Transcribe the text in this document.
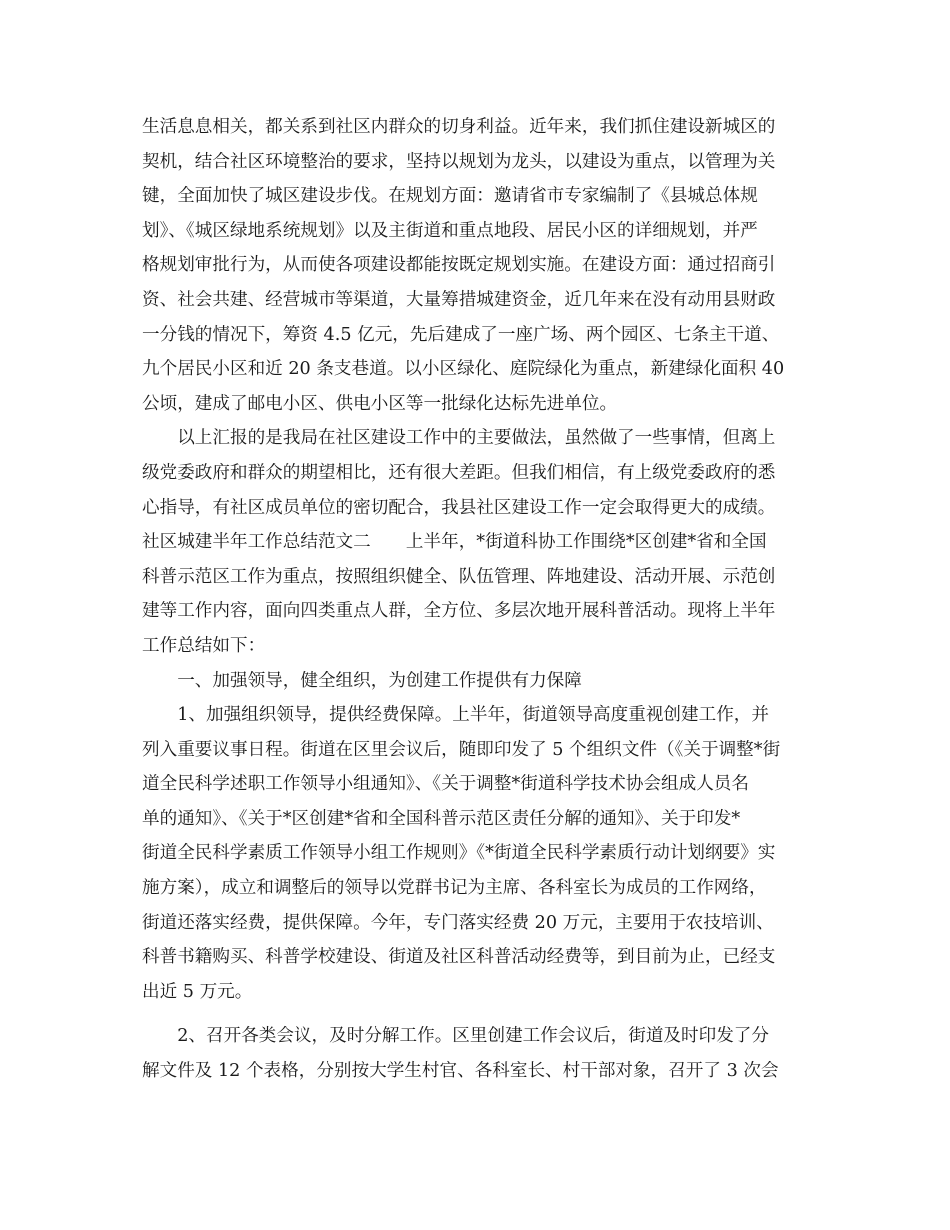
生活息息相关，都关系到社区内群众的切身利益。近年来，我们抓住建设新城区的
契机，结合社区环境整治的要求，坚持以规划为龙头，以建设为重点，以管理为关
键，全面加快了城区建设步伐。在规划方面：邀请省市专家编制了《县城总体规
划》、《城区绿地系统规划》以及主街道和重点地段、居民小区的详细规划，并严
格规划审批行为，从而使各项建设都能按既定规划实施。在建设方面：通过招商引
资、社会共建、经营城市等渠道，大量筹措城建资金，近几年来在没有动用县财政
一分钱的情况下，筹资 4.5 亿元，先后建成了一座广场、两个园区、七条主干道、
九个居民小区和近 20 条支巷道。以小区绿化、庭院绿化为重点，新建绿化面积 40
公顷，建成了邮电小区、供电小区等一批绿化达标先进单位。
　　以上汇报的是我局在社区建设工作中的主要做法，虽然做了一些事情，但离上
级党委政府和群众的期望相比，还有很大差距。但我们相信，有上级党委政府的悉
心指导，有社区成员单位的密切配合，我县社区建设工作一定会取得更大的成绩。
社区城建半年工作总结范文二　　上半年，*街道科协工作围绕*区创建*省和全国
科普示范区工作为重点，按照组织健全、队伍管理、阵地建设、活动开展、示范创
建等工作内容，面向四类重点人群，全方位、多层次地开展科普活动。现将上半年
工作总结如下：
　　一、加强领导，健全组织，为创建工作提供有力保障
　　1、加强组织领导，提供经费保障。上半年，街道领导高度重视创建工作，并
列入重要议事日程。街道在区里会议后，随即印发了 5 个组织文件（《关于调整*街
道全民科学述职工作领导小组通知》、《关于调整*街道科学技术协会组成人员名
单的通知》、《关于*区创建*省和全国科普示范区责任分解的通知》、关于印发*
街道全民科学素质工作领导小组工作规则》《*街道全民科学素质行动计划纲要》实
施方案），成立和调整后的领导以党群书记为主席、各科室长为成员的工作网络，
街道还落实经费，提供保障。今年，专门落实经费 20 万元，主要用于农技培训、
科普书籍购买、科普学校建设、街道及社区科普活动经费等，到目前为止，已经支
出近 5 万元。
　　2、召开各类会议，及时分解工作。区里创建工作会议后，街道及时印发了分
解文件及 12 个表格，分别按大学生村官、各科室长、村干部对象，召开了 3 次会
